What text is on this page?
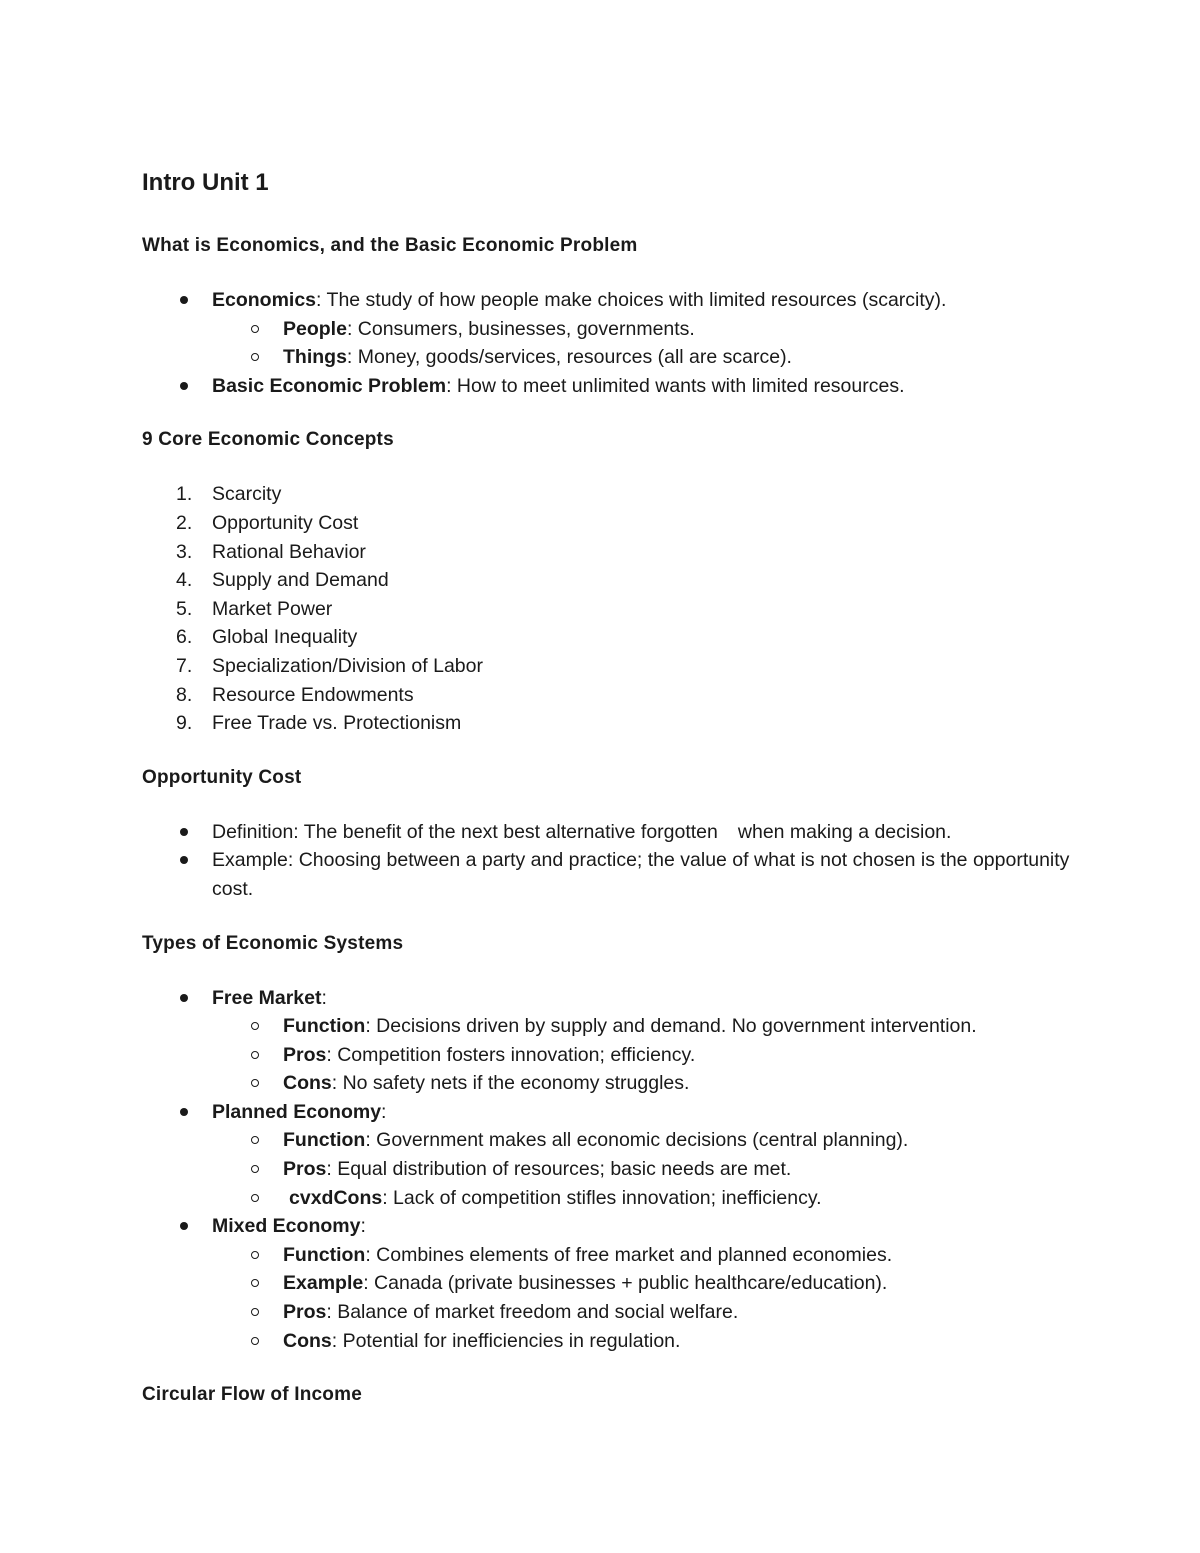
Intro Unit 1
What is Economics, and the Basic Economic Problem
Economics: The study of how people make choices with limited resources (scarcity).
People: Consumers, businesses, governments.
Things: Money, goods/services, resources (all are scarce).
Basic Economic Problem: How to meet unlimited wants with limited resources.
9 Core Economic Concepts
1. Scarcity
2. Opportunity Cost
3. Rational Behavior
4. Supply and Demand
5. Market Power
6. Global Inequality
7. Specialization/Division of Labor
8. Resource Endowments
9. Free Trade vs. Protectionism
Opportunity Cost
Definition: The benefit of the next best alternative forgotten when making a decision.
Example: Choosing between a party and practice; the value of what is not chosen is the opportunity cost.
Types of Economic Systems
Free Market:
Function: Decisions driven by supply and demand. No government intervention.
Pros: Competition fosters innovation; efficiency.
Cons: No safety nets if the economy struggles.
Planned Economy:
Function: Government makes all economic decisions (central planning).
Pros: Equal distribution of resources; basic needs are met.
cvxdCons: Lack of competition stifles innovation; inefficiency.
Mixed Economy:
Function: Combines elements of free market and planned economies.
Example: Canada (private businesses + public healthcare/education).
Pros: Balance of market freedom and social welfare.
Cons: Potential for inefficiencies in regulation.
Circular Flow of Income
